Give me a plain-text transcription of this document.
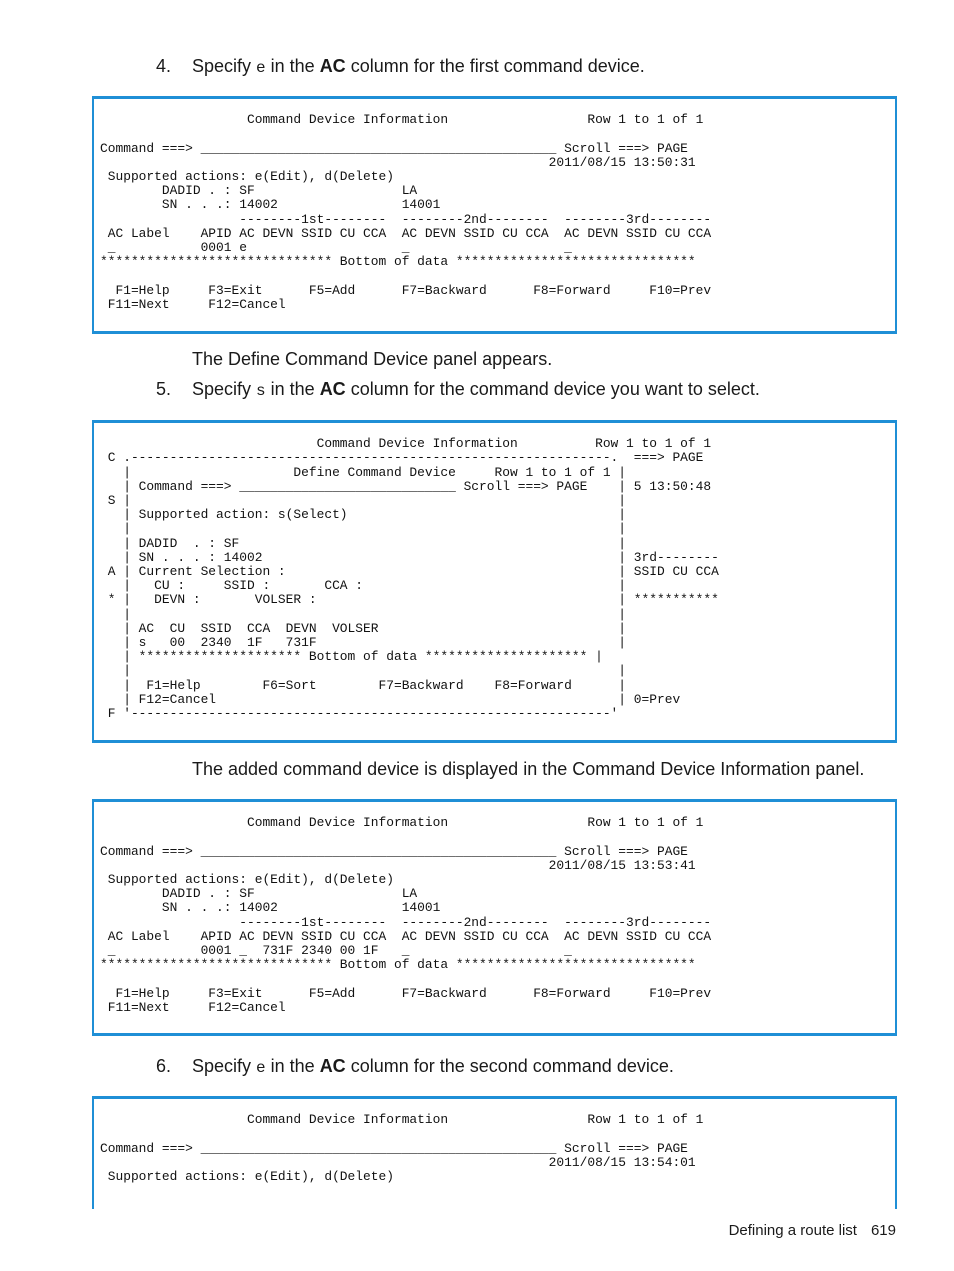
4. Specify e in the AC column for the first command device.

Command Device Information                  Row 1 to 1 of 1

Command ===> ______________________________________________ Scroll ===> PAGE
2011/08/15 13:50:31
Supported actions: e(Edit), d(Delete)
DADID . : SF                   LA
SN . . .: 14002                14001
--------1st--------  --------2nd--------  --------3rd--------
AC Label    APID AC DEVN SSID CU CCA  AC DEVN SSID CU CCA  AC DEVN SSID CU CCA
_           0001 e                    _                    _
****************************** Bottom of data *******************************

F1=Help     F3=Exit      F5=Add      F7=Backward      F8=Forward     F10=Prev
F11=Next     F12=Cancel
The Define Command Device panel appears.
5. Specify s in the AC column for the command device you want to select.

Command Device Information          Row 1 to 1 of 1
C .--------------------------------------------------------------.  ===> PAGE
|                     Define Command Device     Row 1 to 1 of 1 |
| Command ===> ____________________________ Scroll ===> PAGE    | 5 13:50:48
S |                                                               |
| Supported action: s(Select)                                   |
|                                                               |
| DADID  . : SF                                                 |
| SN . . . : 14002                                              | 3rd--------
A | Current Selection :                                           | SSID CU CCA
|   CU :     SSID :       CCA :                                 |
* |   DEVN :       VOLSER :                                       | ***********
|                                                               |
| AC  CU  SSID  CCA  DEVN  VOLSER                               |
| s   00  2340  1F   731F                                       |
| ********************* Bottom of data ********************* |
|                                                               |
|  F1=Help        F6=Sort        F7=Backward    F8=Forward      |
| F12=Cancel                                                    | 0=Prev
F '--------------------------------------------------------------'
The added command device is displayed in the Command Device Information panel.

Command Device Information                  Row 1 to 1 of 1

Command ===> ______________________________________________ Scroll ===> PAGE
2011/08/15 13:53:41
Supported actions: e(Edit), d(Delete)
DADID . : SF                   LA
SN . . .: 14002                14001
--------1st--------  --------2nd--------  --------3rd--------
AC Label    APID AC DEVN SSID CU CCA  AC DEVN SSID CU CCA  AC DEVN SSID CU CCA
_           0001 _  731F 2340 00 1F   _                    _
****************************** Bottom of data *******************************

F1=Help     F3=Exit      F5=Add      F7=Backward      F8=Forward     F10=Prev
F11=Next     F12=Cancel
6. Specify e in the AC column for the second command device.

Command Device Information                  Row 1 to 1 of 1

Command ===> ______________________________________________ Scroll ===> PAGE
2011/08/15 13:54:01
Supported actions: e(Edit), d(Delete)
Defining a route list 619
